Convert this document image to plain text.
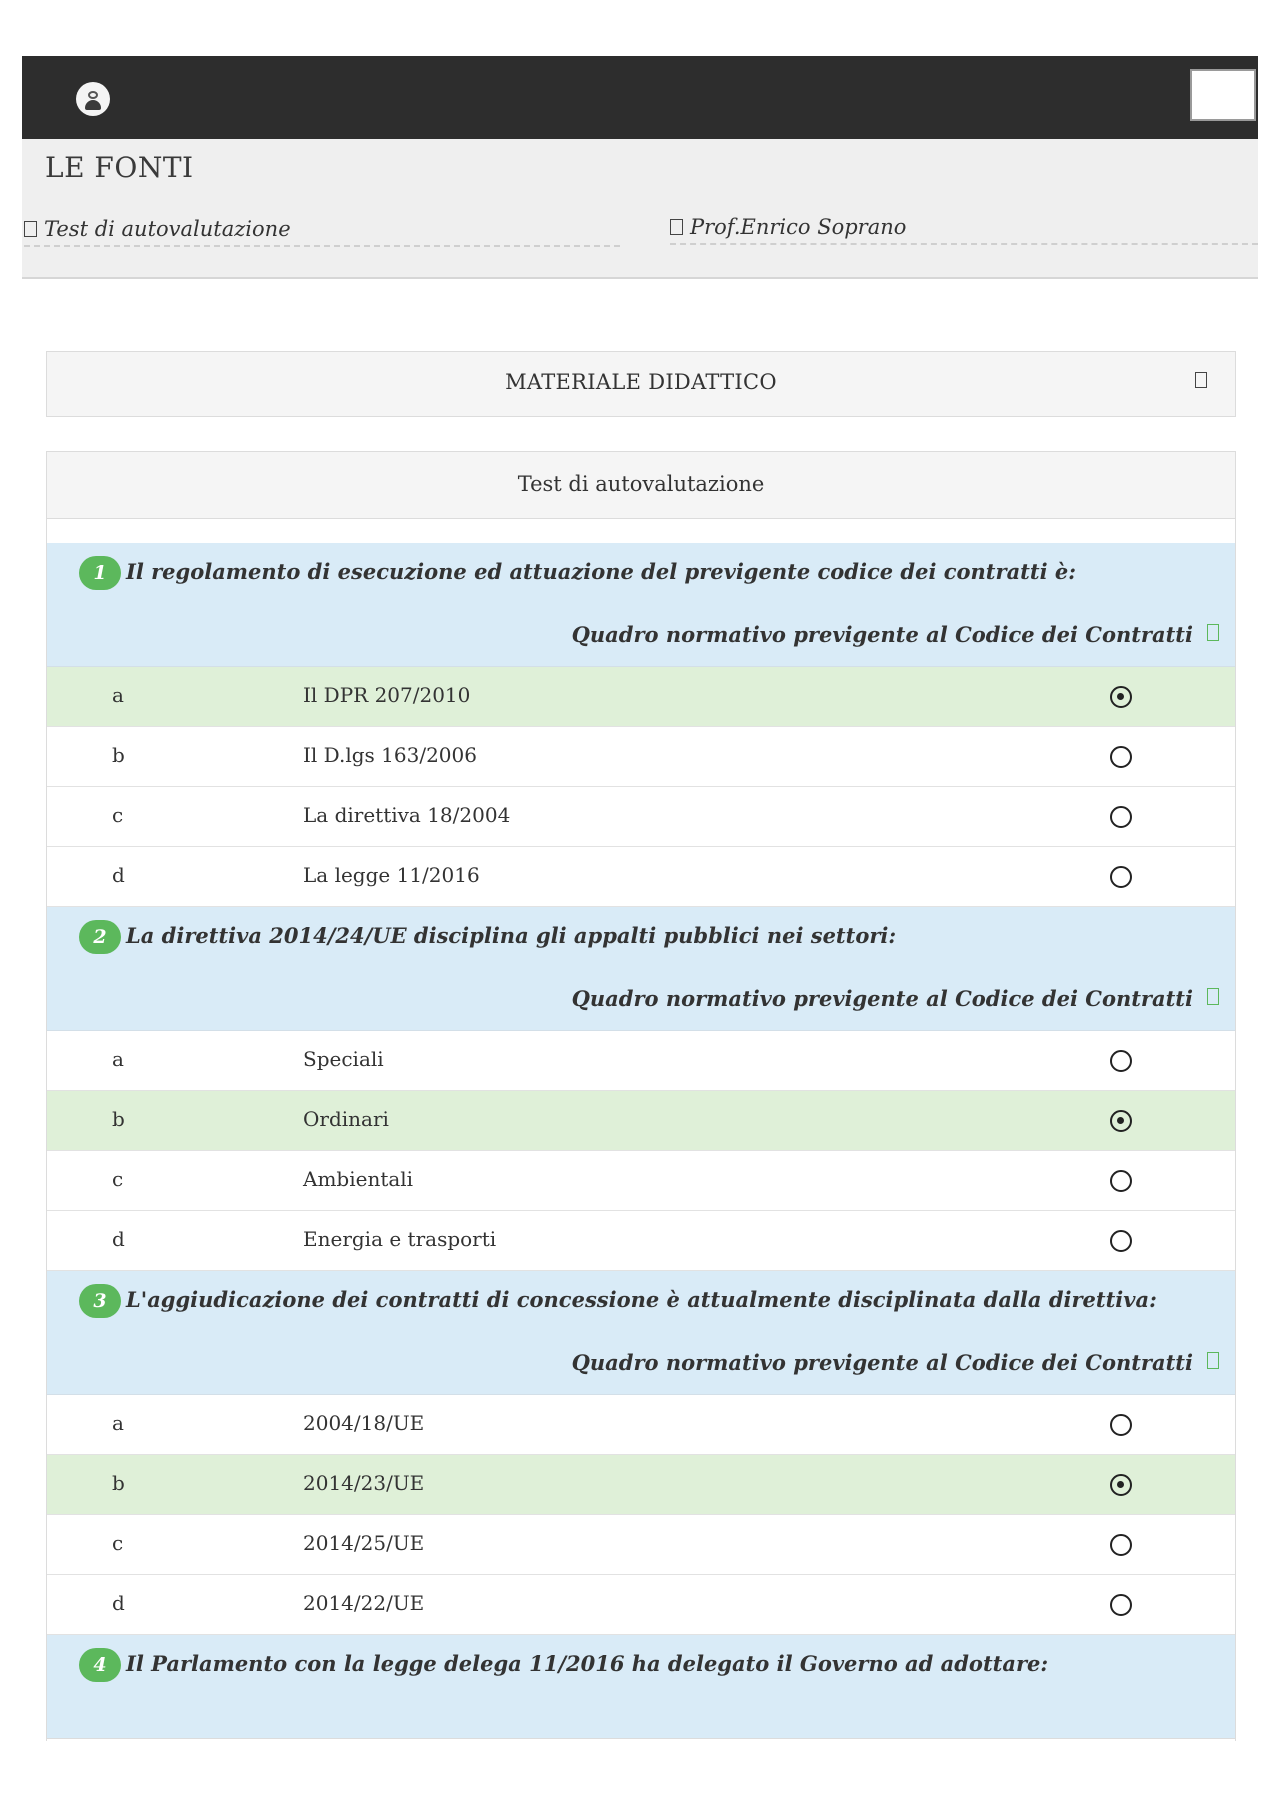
LE FONTI
Test di autovalutazione	Prof.Enrico Soprano
MATERIALE DIDATTICO
Test di autovalutazione
1 Il regolamento di esecuzione ed attuazione del previgente codice dei contratti è:
Quadro normativo previgente al Codice dei Contratti
a	Il DPR 207/2010
b	Il D.lgs 163/2006
c	La direttiva 18/2004
d	La legge 11/2016
2 La direttiva 2014/24/UE disciplina gli appalti pubblici nei settori:
Quadro normativo previgente al Codice dei Contratti
a	Speciali
b	Ordinari
c	Ambientali
d	Energia e trasporti
3 L'aggiudicazione dei contratti di concessione è attualmente disciplinata dalla direttiva:
Quadro normativo previgente al Codice dei Contratti
a	2004/18/UE
b	2014/23/UE
c	2014/25/UE
d	2014/22/UE
4 Il Parlamento con la legge delega 11/2016 ha delegato il Governo ad adottare:
